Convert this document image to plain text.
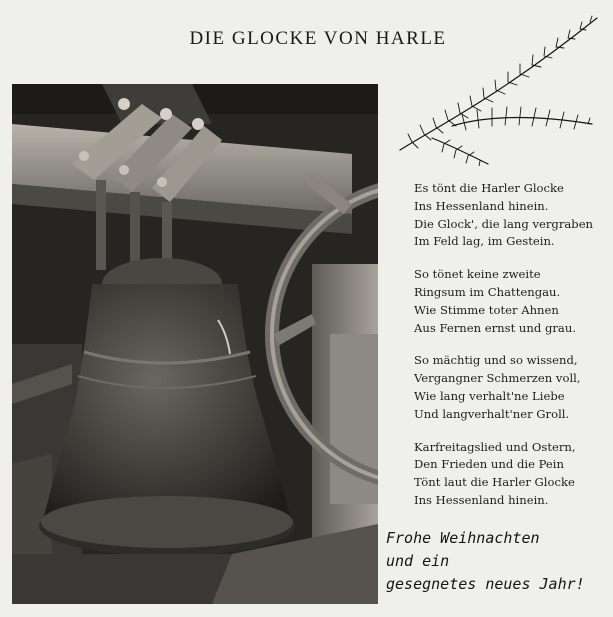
DIE GLOCKE VON HARLE
Es tönt die Harler Glocke
Ins Hessenland hinein.
Die Glock', die lang vergraben
Im Feld lag, im Gestein.
So tönet keine zweite
Ringsum im Chattengau.
Wie Stimme toter Ahnen
Aus Fernen ernst und grau.
So mächtig und so wissend,
Vergangner Schmerzen voll,
Wie lang verhalt'ne Liebe
Und langverhalt'ner Groll.
Karfreitagslied und Ostern,
Den Frieden und die Pein
Tönt laut die Harler Glocke
Ins Hessenland hinein.
Frohe Weihnachten
und ein
gesegnetes neues Jahr!
